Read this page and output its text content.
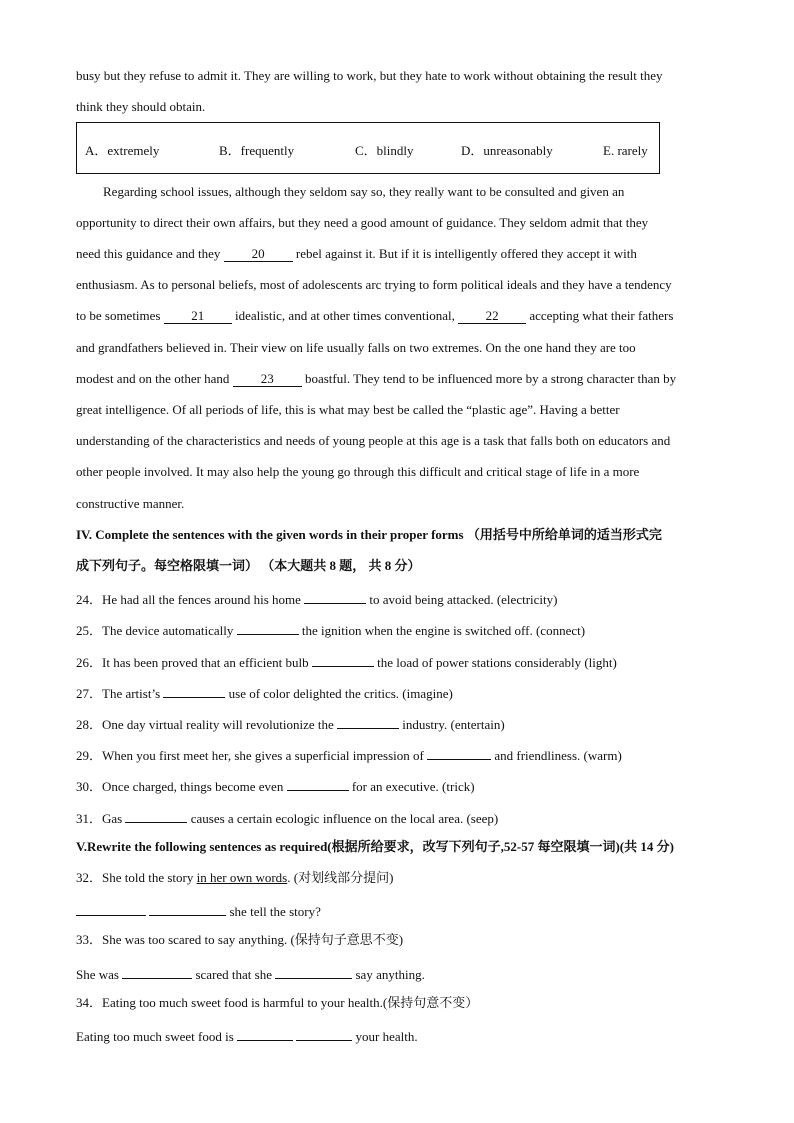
busy but they refuse to admit it. They are willing to work, but they hate to work without obtaining the result they
think they should obtain.
A．extremely	B．frequently	C．blindly	D．unreasonably	E. rarely
Regarding school issues, although they seldom say so, they really want to be consulted and given an
opportunity to direct their own affairs, but they need a good amount of guidance. They seldom admit that they
need this guidance and they 20 rebel against it. But if it is intelligently offered they accept it with
enthusiasm. As to personal beliefs, most of adolescents arc trying to form political ideals and they have a tendency
to be sometimes 21 idealistic, and at other times conventional, 22 accepting what their fathers
and grandfathers believed in. Their view on life usually falls on two extremes. On the one hand they are too
modest and on the other hand 23 boastful. They tend to be influenced more by a strong character than by
great intelligence. Of all periods of life, this is what may best be called the “plastic age”. Having a better
understanding of the characteristics and needs of young people at this age is a task that falls both on educators and
other people involved. It may also help the young go through this difficult and critical stage of life in a more
constructive manner.
IV. Complete the sentences with the given words in their proper forms （用括号中所给单词的适当形式完
成下列句子。每空格限填一词） （本大题共 8 题， 共 8 分）
24．He had all the fences around his home	to avoid being attacked. (electricity)
25．The device automatically	the ignition when the engine is switched off. (connect)
26．It has been proved that an efficient bulb	the load of power stations considerably (light)
27．The artist’s	use of color delighted the critics. (imagine)
28．One day virtual reality will revolutionize the	industry. (entertain)
29．When you first meet her, she gives a superficial impression of	and friendliness. (warm)
30．Once charged, things become even	for an executive. (trick)
31．Gas	causes a certain ecologic influence on the local area. (seep)
V.Rewrite the following sentences as required(根据所给要求，改写下列句子,52-57 每空限填一词)(共 14 分)
32．She told the story in her own words. (对划线部分提问)
she tell the story?
33．She was too scared to say anything. (保持句子意思不变)
She was	scared that she	say anything.
34．Eating too much sweet food is harmful to your health.(保持句意不变）
Eating too much sweet food is	your health.
